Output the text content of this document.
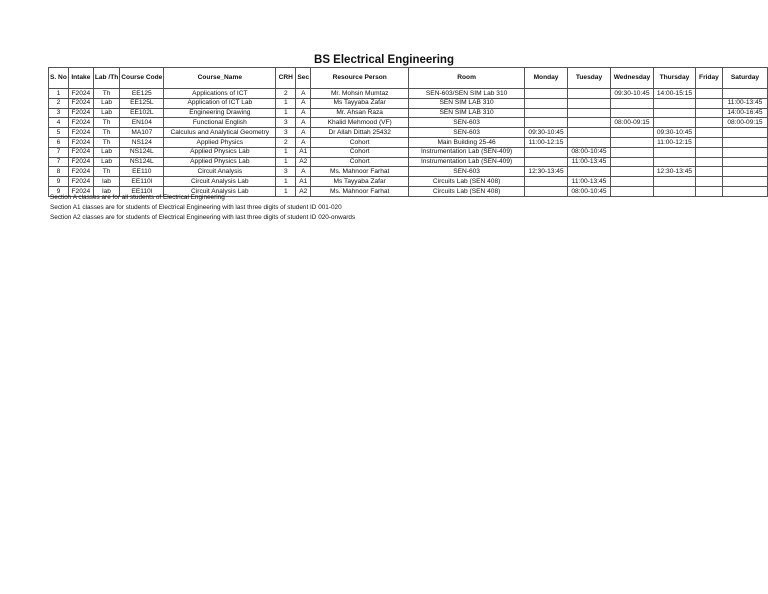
BS Electrical Engineering
S. No	Intake	Lab /Th	Course Code	Course_Name	CRH	Sec	Resource Person	Room	Monday	Tuesday	Wednesday	Thursday	Friday	Saturday
1	F2024	Th	EE125	Applications of ICT	2	A	Mr. Mohsin Mumtaz	SEN-603/SEN SIM Lab 310			09:30-10:45	14:00-15:15		
2	F2024	Lab	EE125L	Application of ICT Lab	1	A	Ms Tayyaba Zafar	SEN SIM LAB 310						11:00-13:45
3	F2024	Lab	EE102L	Engineering Drawing	1	A	Mr. Ahsan Raza	SEN SIM LAB 310						14:00-16:45
4	F2024	Th	EN104	Functional English	3	A	Khalid Mehmood (VF)	SEN-603			08:00-09:15			08:00-09:15
5	F2024	Th	MA107	Calculus and Analytical Geometry	3	A	Dr Allah Dittah 25432	SEN-603	09:30-10:45			09:30-10:45		
6	F2024	Th	NS124	Applied Physics	2	A	Cohort	Main Building 25-46	11:00-12:15			11:00-12:15		
7	F2024	Lab	NS124L	Applied Physics Lab	1	A1	Cohort	Instrumentation Lab (SEN-409)		08:00-10:45				
7	F2024	Lab	NS124L	Applied Physics Lab	1	A2	Cohort	Instrumentation Lab (SEN-409)		11:00-13:45				
8	F2024	Th	EE110	Circuit Analysis	3	A	Ms. Mahnoor Farhat	SEN-603	12:30-13:45			12:30-13:45		
9	F2024	lab	EE110l	Circuit Analysis Lab	1	A1	Ms Tayyaba Zafar	Circuits Lab (SEN 408)		11:00-13:45				
9	F2024	lab	EE110l	Circuit Analysis Lab	1	A2	Ms. Mahnoor Farhat	Circuits Lab (SEN 408)		08:00-10:45				
Section A classes are for all students of Electrical Engineering
Section A1 classes are for students of Electrical Engineering with last three digits of student ID 001-020
Section A2 classes are for students of Electrical Engineering with last three digits of student ID 020-onwards
